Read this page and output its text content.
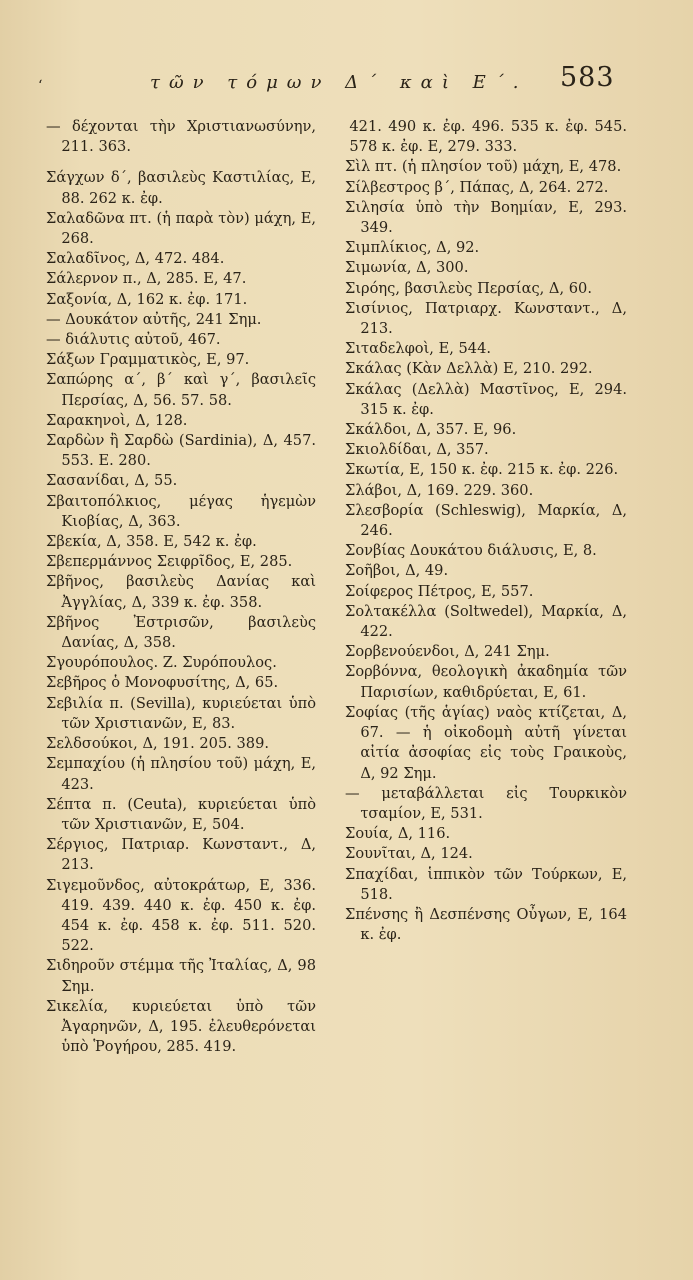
ʻ	τῶν τόμων Δ΄ καὶ Ε΄. 583

— δέχονται τὴν Χριστιανωσύνην, 211. 363.

Σάγχων δ΄, βασιλεὺς Καστιλίας, Ε, 88. 262 κ. ἐφ.

Σαλαδῶνα πτ. (ἡ παρὰ τὸν) μάχη, Ε, 268.

Σαλαδῖνος, Δ, 472. 484.

Σάλερνον π., Δ, 285. Ε, 47.

Σαξονία, Δ, 162 κ. ἐφ. 171.

— Δουκάτον αὐτῆς, 241 Σημ.

— διάλυτις αὐτοῦ, 467.

Σάξων Γραμματικὸς, Ε, 97.

Σαπώρης α΄, β΄ καὶ γ΄, βασιλεῖς Περσίας, Δ, 56. 57. 58.

Σαρακηνοὶ, Δ, 128.

Σαρδὼν ἢ Σαρδὼ (Sardinia), Δ, 457. 553. Ε. 280.

Σασανίδαι, Δ, 55.

Σβαιτοπόλκιος, μέγας ἡγεμὼν Κιοβίας, Δ, 363.

Σβεκία, Δ, 358. Ε, 542 κ. ἐφ.

Σβεπερμάννος Σειφρῖδος, Ε, 285.

Σβῆνος, βασιλεὺς Δανίας καὶ Ἀγγλίας, Δ, 339 κ. ἐφ. 358.

Σβῆνος Ἐστρισῶν, βασιλεὺς Δανίας, Δ, 358.

Σγουρόπουλος. Ζ. Συρόπουλος.

Σεβῆρος ὁ Μονοφυσίτης, Δ, 65.

Σεβιλία π. (Sevilla), κυριεύεται ὑπὸ τῶν Χριστιανῶν, Ε, 83.

Σελδσούκοι, Δ, 191. 205. 389.

Σεμπαχίου (ἡ πλησίου τοῦ) μάχη, Ε, 423.

Σέπτα π. (Ceuta), κυριεύεται ὑπὸ τῶν Χριστιανῶν, Ε, 504.

Σέργιος, Πατριαρ. Κωνσταντ., Δ, 213.

Σιγεμοῦνδος, αὐτοκράτωρ, Ε, 336. 419. 439. 440 κ. ἐφ. 450 κ. ἐφ. 454 κ. ἐφ. 458 κ. ἐφ. 511. 520. 522.

Σιδηροῦν στέμμα τῆς Ἰταλίας, Δ, 98 Σημ.

Σικελία, κυριεύεται ὑπὸ τῶν Ἀγαρηνῶν, Δ, 195. ἐλευθερόνεται ὑπὸ Ῥογήρου, 285. 419.

421. 490 κ. ἐφ. 496. 535 κ. ἐφ. 545. 578 κ. ἐφ. Ε, 279. 333.

Σὶλ πτ. (ἡ πλησίον τοῦ) μάχη, Ε, 478.

Σίλβεστρος β΄, Πάπας, Δ, 264. 272.

Σιλησία ὑπὸ τὴν Βοημίαν, Ε, 293. 349.

Σιμπλίκιος, Δ, 92.

Σιμωνία, Δ, 300.

Σιρόης, βασιλεὺς Περσίας, Δ, 60.

Σισίνιος, Πατριαρχ. Κωνσταντ., Δ, 213.

Σιταδελφοὶ, Ε, 544.

Σκάλας (Κὰν Δελλὰ) Ε, 210. 292.

Σκάλας (Δελλὰ) Μαστῖνος, Ε, 294. 315 κ. ἐφ.

Σκάλδοι, Δ, 357. Ε, 96.

Σκιολδίδαι, Δ, 357.

Σκωτία, Ε, 150 κ. ἐφ. 215 κ. ἐφ. 226.

Σλάβοι, Δ, 169. 229. 360.

Σλεσβορία (Schleswig), Μαρκία, Δ, 246.

Σονβίας Δουκάτου διάλυσις, Ε, 8.

Σοῆβοι, Δ, 49.

Σοίφερος Πέτρος, Ε, 557.

Σολτακέλλα (Soltwedel), Μαρκία, Δ, 422.

Σορβενούενδοι, Δ, 241 Σημ.

Σορβόννα, θεολογικὴ ἀκαδημία τῶν Παρισίων, καθιδρύεται, Ε, 61.

Σοφίας (τῆς ἁγίας) ναὸς κτίζεται, Δ, 67. — ἡ οἰκοδομὴ αὐτῆ γίνεται αἰτία ἀσοφίας εἰς τοὺς Γραικοὺς, Δ, 92 Σημ.

— μεταβάλλεται εἰς Τουρκικὸν τσαμίον, Ε, 531.

Σουία, Δ, 116.

Σουνῖται, Δ, 124.

Σπαχίδαι, ἱππικὸν τῶν Τούρκων, Ε, 518.

Σπένσης ἢ Δεσπένσης Οὖγων, Ε, 164 κ. ἐφ.
